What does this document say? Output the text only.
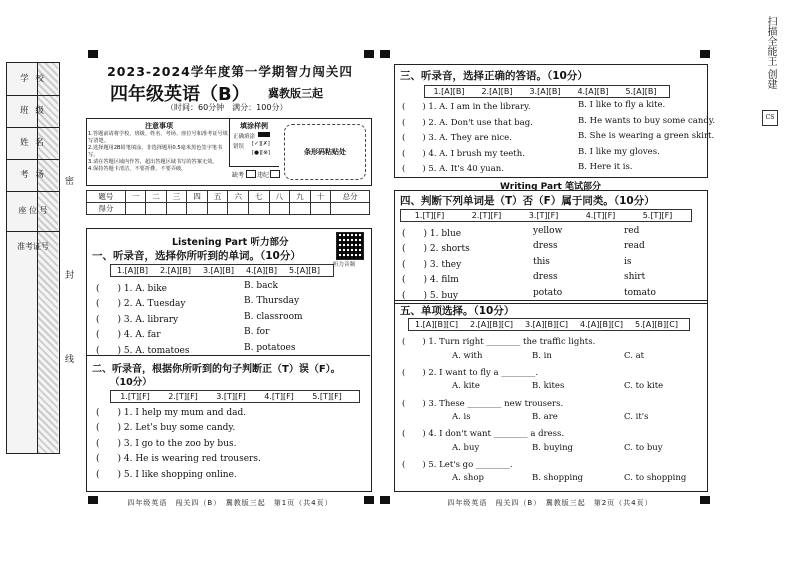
学 校
班 级
姓 名
考 场
座 位 号
准考证号
密
封
线
2023-2024学年度第一学期智力闯关四
四年级英语（B） 冀教版三起
（时间：60分钟　满分：100分）
注意事项
1.答题前请将学校、班级、姓名、考场、座位号和准考证号填写清楚。
2.选择题用2B铅笔填涂，非选择题用0.5毫米黑色签字笔书写。
3.请在答题区域内作答，超出答题区域书写的答案无效。
4.保持答题卡清洁，不要折叠、不要弄破。
填涂样例
正确填涂
错误 [✓][✗]
[●][⊗]
缺考 违纪
条形码粘贴处
题号	一	二	三	四	五	六	七	八	九	十	总分
得分											
Listening Part 听力部分
听力音频
一、听录音，选择你所听到的单词。（10分）
1.[A][B] 2.[A][B] 3.[A][B] 4.[A][B] 5.[A][B]
(　　) 1. A. bike	B. back
(　　) 2. A. Tuesday	B. Thursday
(　　) 3. A. library	B. classroom
(　　) 4. A. far	B. for
(　　) 5. A. tomatoes	B. potatoes
二、听录音，根据你所听到的句子判断正（T）误（F）。
（10分）
1.[T][F] 2.[T][F] 3.[T][F] 4.[T][F] 5.[T][F]
(　　) 1. I help my mum and dad.
(　　) 2. Let's buy some candy.
(　　) 3. I go to the zoo by bus.
(　　) 4. He is wearing red trousers.
(　　) 5. I like shopping online.
四年级英语　闯关四（B）　冀教版三起　第1页（共4页）
三、听录音，选择正确的答语。（10分）
1.[A][B] 2.[A][B] 3.[A][B] 4.[A][B] 5.[A][B]
(　　) 1. A. I am in the library.	B. I like to fly a kite.
(　　) 2. A. Don't use that bag.	B. He wants to buy some candy.
(　　) 3. A. They are nice.	B. She is wearing a green skirt.
(　　) 4. A. I brush my teeth.	B. I like my gloves.
(　　) 5. A. It's 40 yuan.	B. Here it is.
Writing Part 笔试部分
四、判断下列单词是（T）否（F）属于同类。（10分）
1.[T][F]	2.[T][F]	3.[T][F]	4.[T][F]	5.[T][F]
(　　) 1. blue	yellow	red
(　　) 2. shorts	dress	read
(　　) 3. they	this	is
(　　) 4. film	dress	shirt
(　　) 5. buy	potato	tomato
五、单项选择。（10分）
1.[A][B][C] 2.[A][B][C] 3.[A][B][C] 4.[A][B][C] 5.[A][B][C]
(　　) 1. Turn right ________ the traffic lights.
A. with	B. in	C. at
(　　) 2. I want to fly a ________.
A. kite	B. kites	C. to kite
(　　) 3. These ________ new trousers.
A. is	B. are	C. it's
(　　) 4. I don't want ________ a dress.
A. buy	B. buying	C. to buy
(　　) 5. Let's go ________.
A. shop	B. shopping	C. to shopping
四年级英语　闯关四（B）　冀教版三起　第2页（共4页）
CS
扫描全能王 创建
